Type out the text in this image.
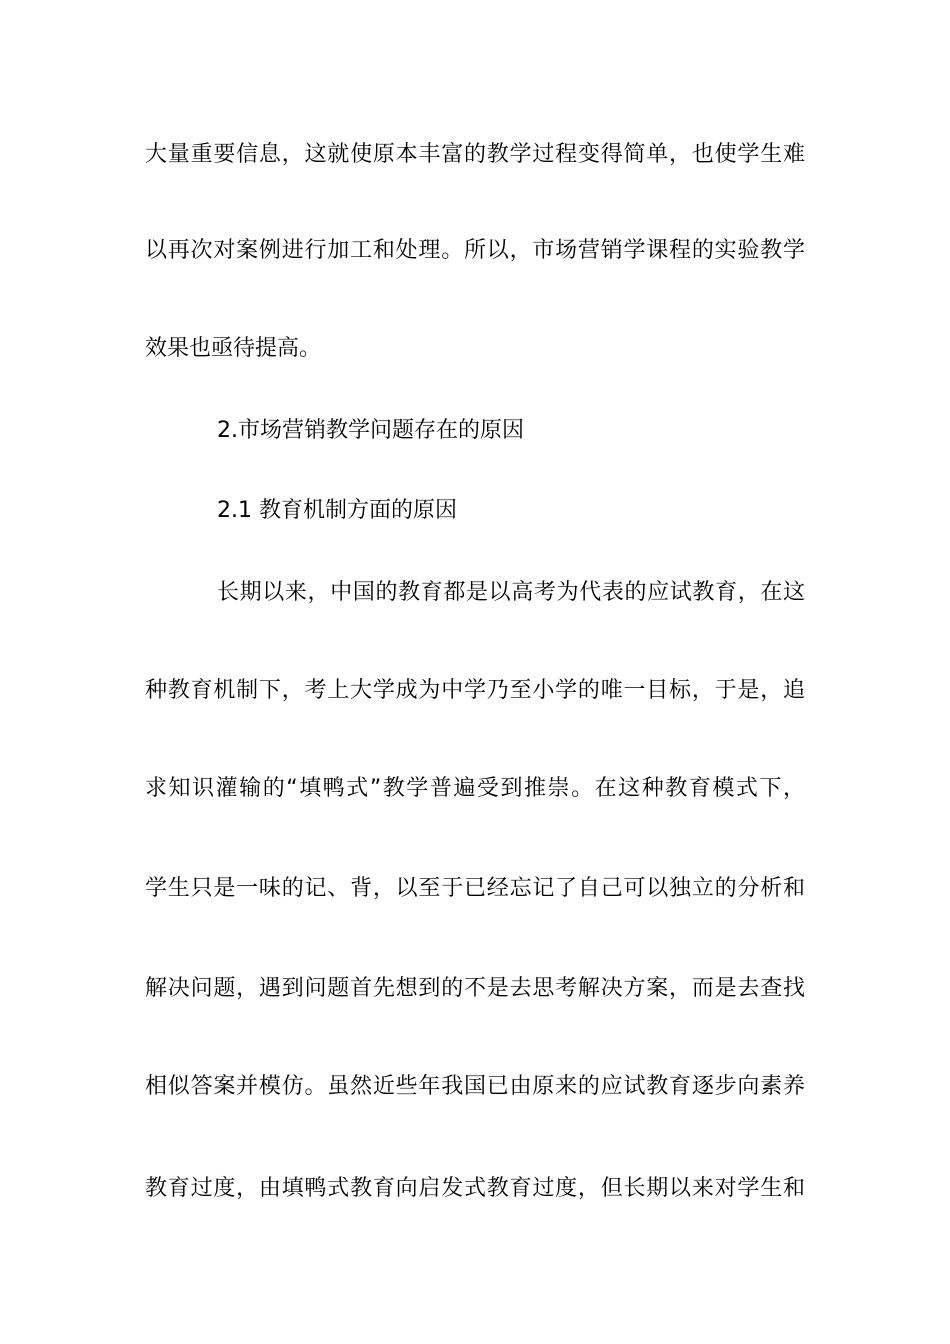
大量重要信息，这就使原本丰富的教学过程变得简单，也使学生难
以再次对案例进行加工和处理。所以，市场营销学课程的实验教学
效果也亟待提高。
2.市场营销教学问题存在的原因
2.1 教育机制方面的原因
长期以来，中国的教育都是以高考为代表的应试教育，在这
种教育机制下，考上大学成为中学乃至小学的唯一目标，于是，追
求知识灌输的“填鸭式”教学普遍受到推崇。在这种教育模式下，
学生只是一味的记、背，以至于已经忘记了自己可以独立的分析和
解决问题，遇到问题首先想到的不是去思考解决方案，而是去查找
相似答案并模仿。虽然近些年我国已由原来的应试教育逐步向素养
教育过度，由填鸭式教育向启发式教育过度，但长期以来对学生和
